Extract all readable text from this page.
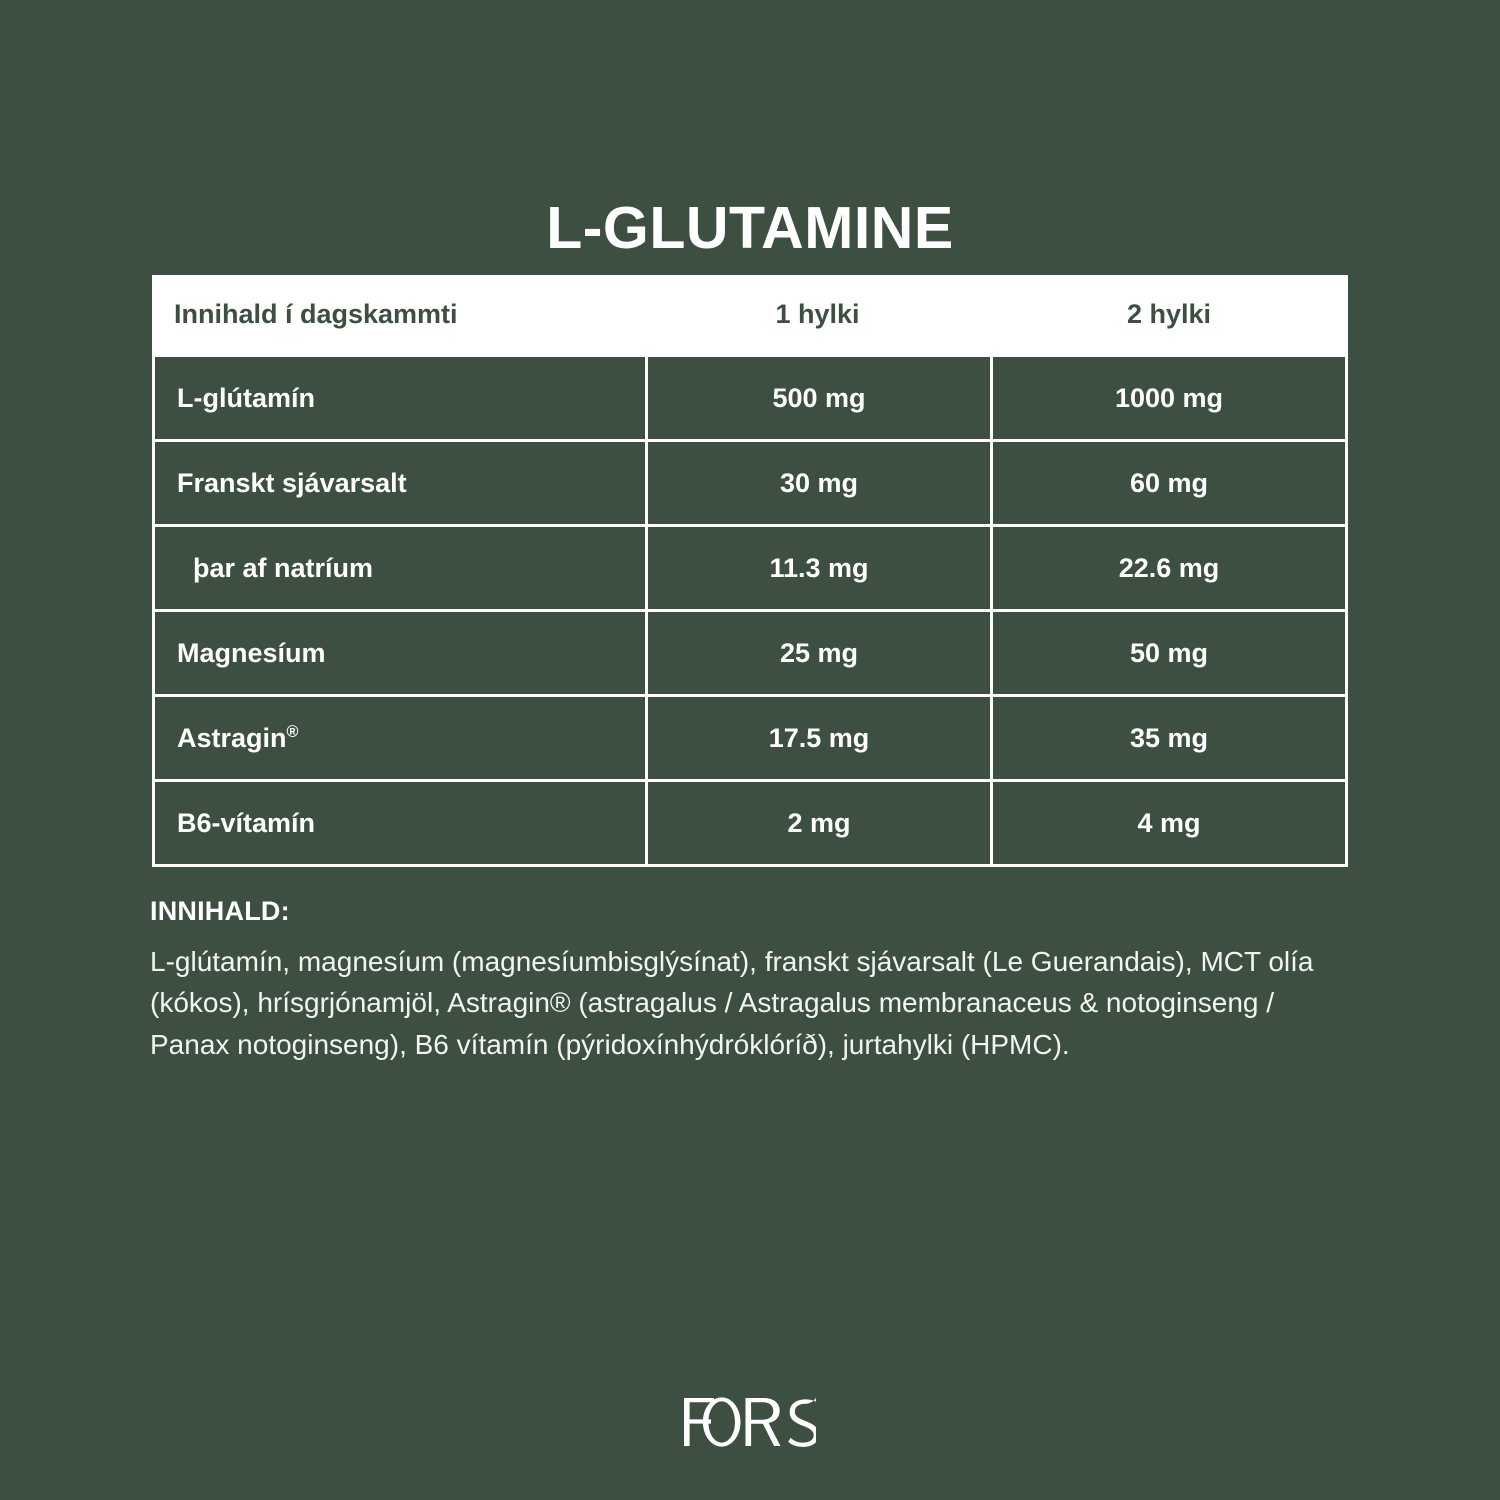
L-GLUTAMINE
Innihald í dagskammti	1 hylki	2 hylki
L-glútamín	500 mg	1000 mg
Franskt sjávarsalt	30 mg	60 mg
þar af natríum	11.3 mg	22.6 mg
Magnesíum	25 mg	50 mg
Astragin®	17.5 mg	35 mg
B6-vítamín	2 mg	4 mg
INNIHALD:

L-glútamín, magnesíum (magnesíumbisglýsínat), franskt sjávarsalt (Le Guerandais), MCT olía (kókos), hrísgrjónamjöl, Astragin® (astragalus / Astragalus membranaceus & notoginseng / Panax notoginseng), B6 vítamín (pýridoxínhýdróklóríð), jurtahylki (HPMC).
